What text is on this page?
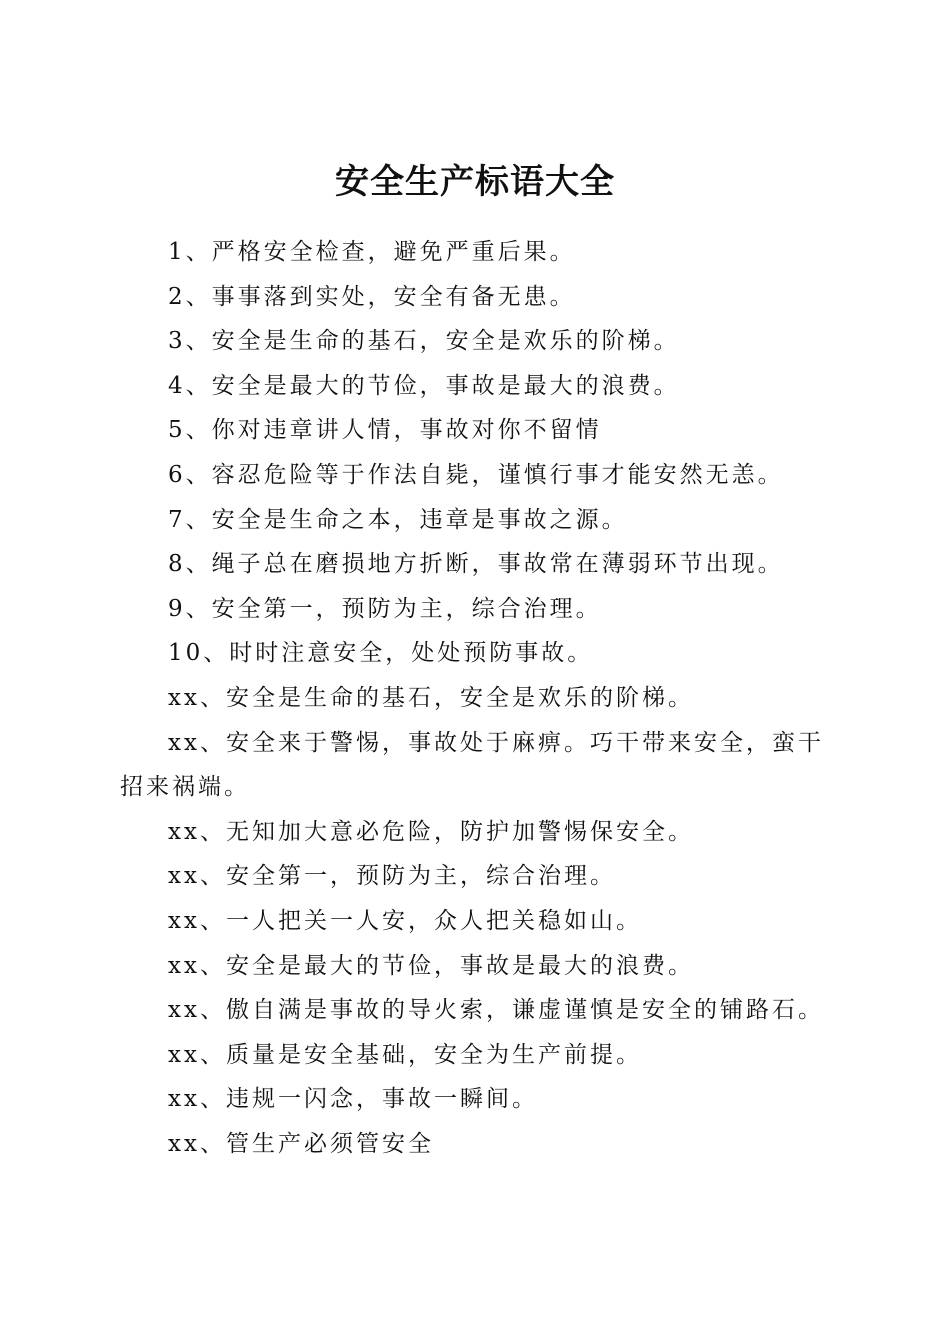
安全生产标语大全

1、严格安全检查，避免严重后果。

2、事事落到实处，安全有备无患。

3、安全是生命的基石，安全是欢乐的阶梯。

4、安全是最大的节俭，事故是最大的浪费。

5、你对违章讲人情，事故对你不留情

6、容忍危险等于作法自毙，谨慎行事才能安然无恙。

7、安全是生命之本，违章是事故之源。

8、绳子总在磨损地方折断，事故常在薄弱环节出现。

9、安全第一，预防为主，综合治理。

10、时时注意安全，处处预防事故。

xx、安全是生命的基石，安全是欢乐的阶梯。

xx、安全来于警惕，事故处于麻痹。巧干带来安全，蛮干招来祸端。

xx、无知加大意必危险，防护加警惕保安全。

xx、安全第一，预防为主，综合治理。

xx、一人把关一人安，众人把关稳如山。

xx、安全是最大的节俭，事故是最大的浪费。

xx、傲自满是事故的导火索，谦虚谨慎是安全的铺路石。

xx、质量是安全基础，安全为生产前提。

xx、违规一闪念，事故一瞬间。

xx、管生产必须管安全
